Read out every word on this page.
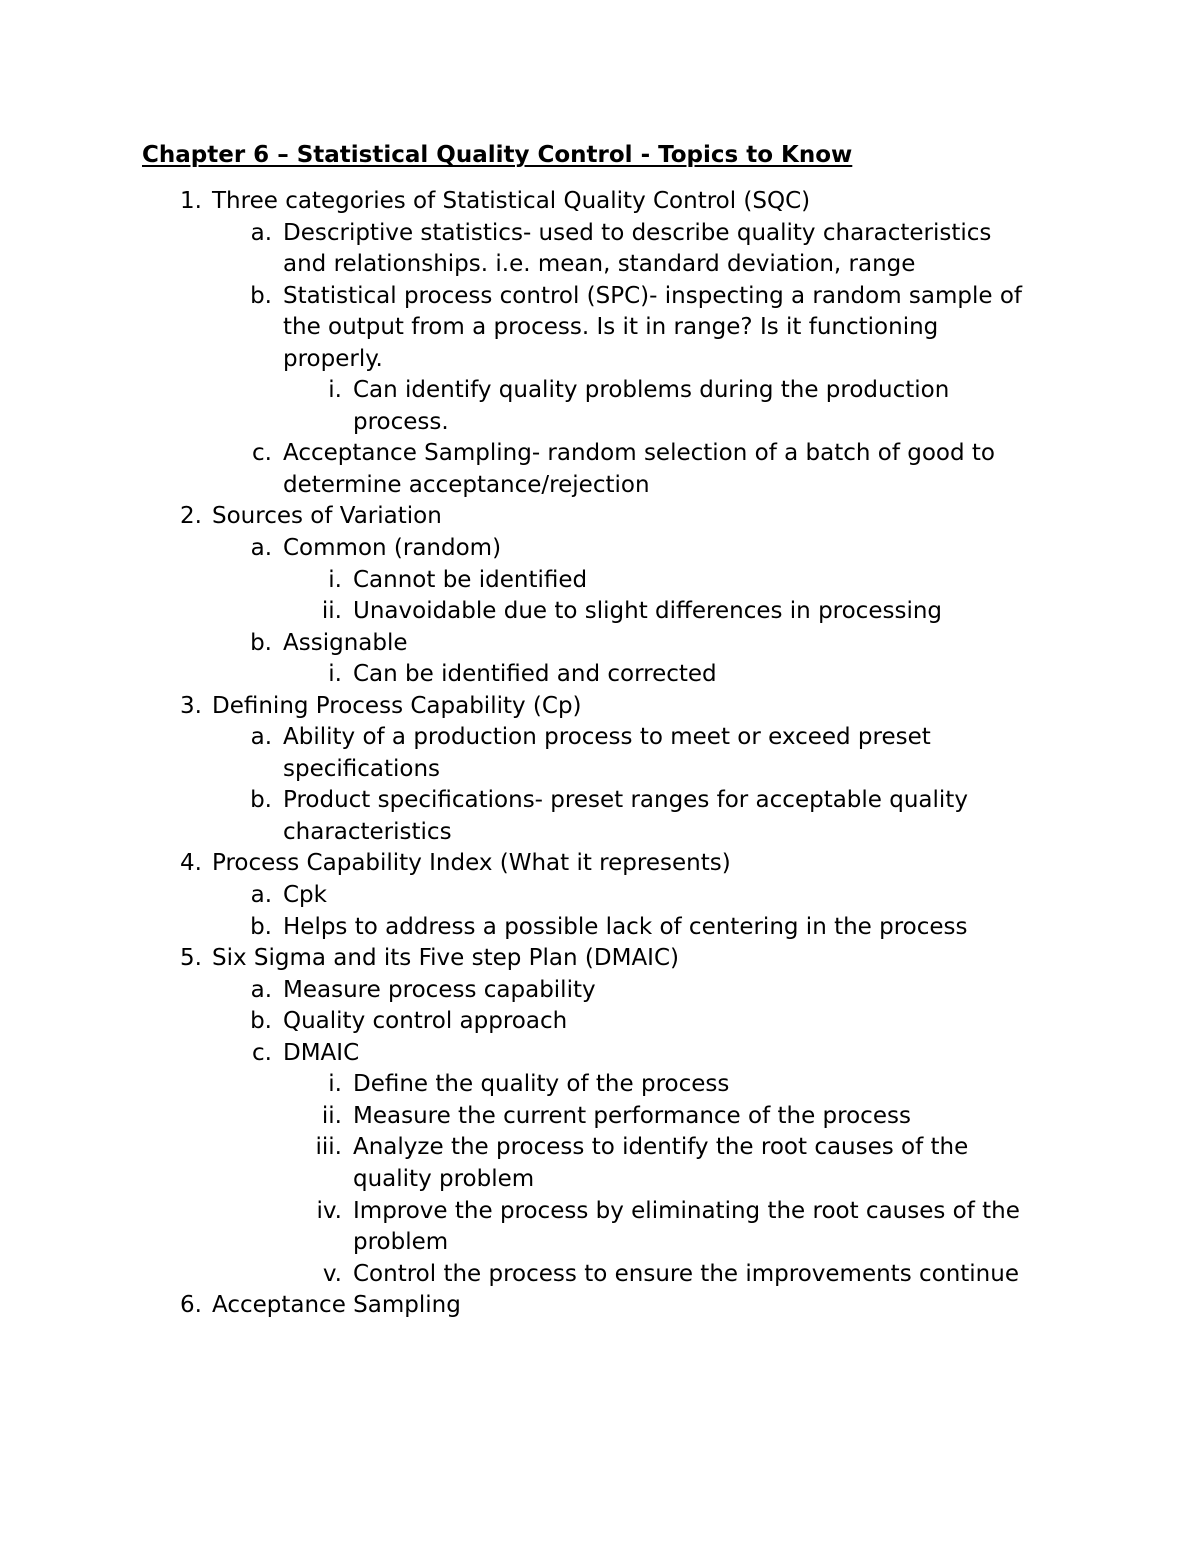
Chapter 6 – Statistical Quality Control - Topics to Know
1. Three categories of Statistical Quality Control (SQC)
a. Descriptive statistics- used to describe quality characteristics
and relationships. i.e. mean, standard deviation, range
b. Statistical process control (SPC)- inspecting a random sample of
the output from a process. Is it in range? Is it functioning
properly.
i. Can identify quality problems during the production
process.
c. Acceptance Sampling- random selection of a batch of good to
determine acceptance/rejection
2. Sources of Variation
a. Common (random)
i. Cannot be identified
ii. Unavoidable due to slight differences in processing
b. Assignable
i. Can be identified and corrected
3. Defining Process Capability (Cp)
a. Ability of a production process to meet or exceed preset
specifications
b. Product specifications- preset ranges for acceptable quality
characteristics
4. Process Capability Index (What it represents)
a. Cpk
b. Helps to address a possible lack of centering in the process
5. Six Sigma and its Five step Plan (DMAIC)
a. Measure process capability
b. Quality control approach
c. DMAIC
i. Define the quality of the process
ii. Measure the current performance of the process
iii. Analyze the process to identify the root causes of the
quality problem
iv. Improve the process by eliminating the root causes of the
problem
v. Control the process to ensure the improvements continue
6. Acceptance Sampling
